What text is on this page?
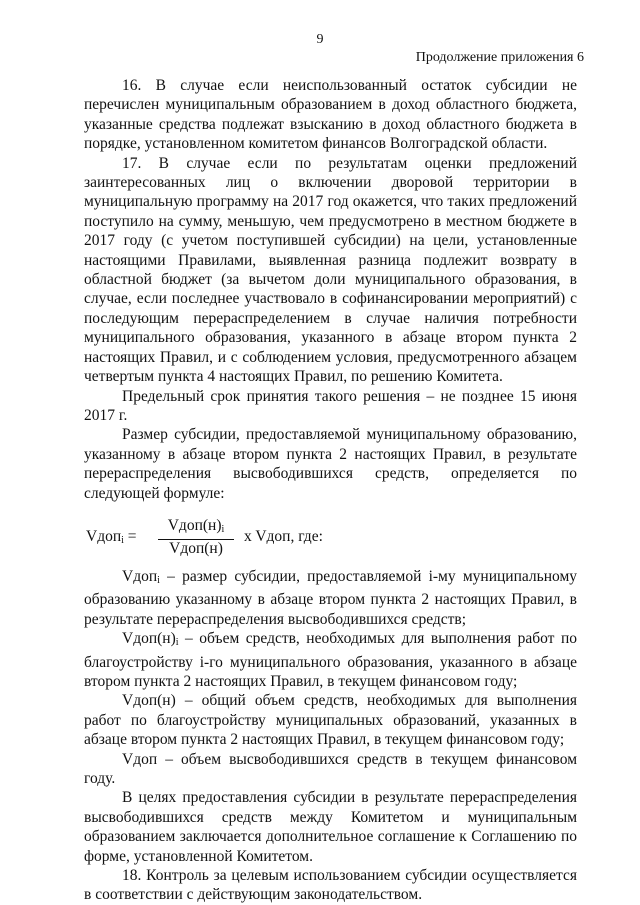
9
Продолжение приложения 6

16. В случае если неиспользованный остаток субсидии не перечислен муниципальным образованием в доход областного бюджета, указанные средства подлежат взысканию в доход областного бюджета в порядке, установленном комитетом финансов Волгоградской области.

17. В случае если по результатам оценки предложений заинтересованных лиц о включении дворовой территории в муниципальную программу на 2017 год окажется, что таких предложений поступило на сумму, меньшую, чем предусмотрено в местном бюджете в 2017 году (с учетом поступившей субсидии) на цели, установленные настоящими Правилами, выявленная разница подлежит возврату в областной бюджет (за вычетом доли муниципального образования, в случае, если последнее участвовало в софинансировании мероприятий) с последующим перераспределением в случае наличия потребности муниципального образования, указанного в абзаце втором пункта 2 настоящих Правил, и с соблюдением условия, предусмотренного абзацем четвертым пункта 4 настоящих Правил, по решению Комитета.

Предельный срок принятия такого решения – не позднее 15 июня 2017 г.

Размер субсидии, предоставляемой муниципальному образованию, указанному в абзаце втором пункта 2 настоящих Правил, в результате перераспределения высвободившихся средств, определяется по следующей формуле:

Vдоп$_i$ =
$Vдоп(н)_i$
Vдоп(н)
x Vдоп, где:

Vдоп$_i$ – размер субсидии, предоставляемой i-му муниципальному образованию указанному в абзаце втором пункта 2 настоящих Правил, в результате перераспределения высвободившихся средств;

$Vдоп(н)_i$ – объем средств, необходимых для выполнения работ по благоустройству i-го муниципального образования, указанного в абзаце втором пункта 2 настоящих Правил, в текущем финансовом году;

Vдоп(н) – общий объем средств, необходимых для выполнения работ по благоустройству муниципальных образований, указанных в абзаце втором пункта 2 настоящих Правил, в текущем финансовом году;

Vдоп – объем высвободившихся средств в текущем финансовом году.

В целях предоставления субсидии в результате перераспределения высвободившихся средств между Комитетом и муниципальным образованием заключается дополнительное соглашение к Соглашению по форме, установленной Комитетом.

18. Контроль за целевым использованием субсидии осуществляется в соответствии с действующим законодательством.
